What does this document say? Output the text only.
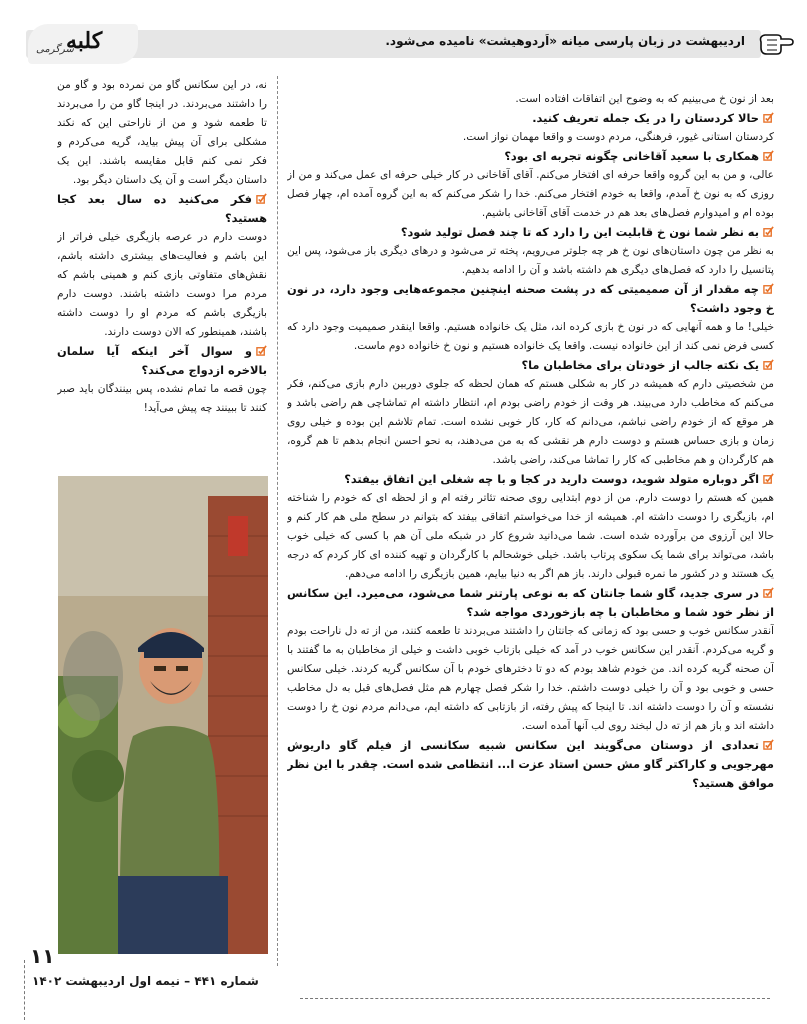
کلبه
سرگرمی
اردیبهشت در زبان پارسی میانه «اَردوهیشت» نامیده می‌شود.

بعد از نون خ می‌بینیم که به وضوح این اتفاقات افتاده است.

حالا کردستان را در یک جمله تعریف کنید.

کردستان استانی غیور، فرهنگی، مردم دوست و واقعا مهمان نواز است.

همکاری با سعید آقاخانی چگونه تجربه ای بود؟

عالی، و من به این گروه واقعا حرفه ای افتخار می‌کنم. آقای آقاخانی در کار خیلی حرفه ای عمل می‌کند و من از روزی که به نون خ آمدم، واقعا به خودم افتخار می‌کنم. خدا را شکر می‌کنم که به این گروه آمده ام، چهار فصل بوده ام و امیدوارم فصل‌های بعد هم در خدمت آقای آقاخانی باشیم.

به نظر شما نون خ قابلیت این را دارد که تا چند فصل تولید شود؟

به نظر من چون داستان‌های نون خ هر چه جلوتر می‌رویم، پخته تر می‌شود و درهای دیگری باز می‌شود، پس این پتانسیل را دارد که فصل‌های دیگری هم داشته باشد و آن را ادامه بدهیم.

چه مقدار از آن صمیمیتی که در پشت صحنه اینچنین مجموعه‌هایی وجود دارد، در نون خ وجود داشت؟

خیلی! ما و همه آنهایی که در نون خ بازی کرده اند، مثل یک خانواده هستیم. واقعا اینقدر صمیمیت وجود دارد که کسی فرض نمی کند از این خانواده نیست. واقعا یک خانواده هستیم و نون خ خانواده دوم ماست.

یک نکته جالب از خودتان برای مخاطبان ما؟

من شخصیتی دارم که همیشه در کار به شکلی هستم که همان لحظه که جلوی دوربین دارم بازی می‌کنم، فکر می‌کنم که مخاطب دارد می‌بیند. هر وقت از خودم راضی بودم ام، انتظار داشته ام تماشاچی هم راضی باشد و هر موقع که از خودم راضی نباشم، می‌دانم که کار، کار خوبی نشده است. تمام تلاشم این بوده و خیلی روی زمان و بازی حساس هستم و دوست دارم هر نقشی که به من می‌دهند، به نحو احسن انجام بدهم تا هم گروه، هم کارگردان و هم مخاطبی که کار را تماشا می‌کند، راضی باشد.

اگر دوباره متولد شوید، دوست دارید در کجا و با چه شغلی این اتفاق بیفتد؟

همین که هستم را دوست دارم. من از دوم ابتدایی روی صحنه تئاتر رفته ام و از لحظه ای که خودم را شناخته ام، بازیگری را دوست داشته ام. همیشه از خدا می‌خواستم اتفاقی بیفتد که بتوانم در سطح ملی هم کار کنم و حالا این آرزوی من برآورده شده است. شما می‌دانید شروع کار در شبکه ملی آن هم با کسی که خیلی خوب باشد، می‌تواند برای شما یک سکوی پرتاب باشد. خیلی خوشحالم با کارگردان و تهیه کننده ای کار کردم که درجه یک هستند و در کشور ما نمره قبولی دارند. باز هم اگر به دنیا بیایم، همین بازیگری را ادامه می‌دهم.

در سری جدید، گاو شما جانتان که به نوعی پارتنر شما می‌شود، می‌میرد. این سکانس از نظر خود شما و مخاطبان با چه بازخوردی مواجه شد؟

آنقدر سکانس خوب و حسی بود که زمانی که جانتان را داشتند می‌بردند تا طعمه کنند، من از ته دل ناراحت بودم و گریه می‌کردم. آنقدر این سکانس خوب در آمد که خیلی بازتاب خوبی داشت و خیلی از مخاطبان به ما گفتند با آن صحنه گریه کرده اند. من خودم شاهد بودم که دو تا دخترهای خودم با آن سکانس گریه کردند. خیلی سکانس حسی و خوبی بود و آن را خیلی دوست داشتم. خدا را شکر فصل چهارم هم مثل فصل‌های قبل به دل مخاطب نشسته و آن را دوست داشته اند. تا اینجا که پیش رفته، از بازتابی که داشته ایم، می‌دانم مردم نون خ را دوست داشته اند و باز هم از ته دل لبخند روی لب آنها آمده است.

تعدادی از دوستان می‌گویند این سکانس شبیه سکانسی از فیلم گاو داریوش مهرجویی و کاراکتر گاو مش حسن استاد عزت ا... انتظامی شده است. چقدر با این نظر موافق هستید؟

نه، در این سکانس گاو من نمرده بود و گاو من را داشتند می‌بردند. در اینجا گاو من را می‌بردند تا طعمه شود و من از ناراحتی این که نکند مشکلی برای آن پیش بیاید، گریه می‌کردم و فکر نمی کنم قابل مقایسه باشند. این یک داستان دیگر است و آن یک داستان دیگر بود.

فکر می‌کنید ده سال بعد کجا هستید؟

دوست دارم در عرصه بازیگری خیلی فراتر از این باشم و فعالیت‌های بیشتری داشته باشم، نقش‌های متفاوتی بازی کنم و همینی باشم که مردم مرا دوست داشته باشند. دوست دارم بازیگری باشم که مردم او را دوست داشته باشند، همینطور که الان دوست دارند.

و سوال آخر اینکه آیا سلمان بالاخره ازدواج می‌کند؟

چون قصه ما تمام نشده، پس بینندگان باید صبر کنند تا ببینند چه پیش می‌آید!

۱۱
شماره ۴۴۱ – نیمه اول اردیبهشت ۱۴۰۲
